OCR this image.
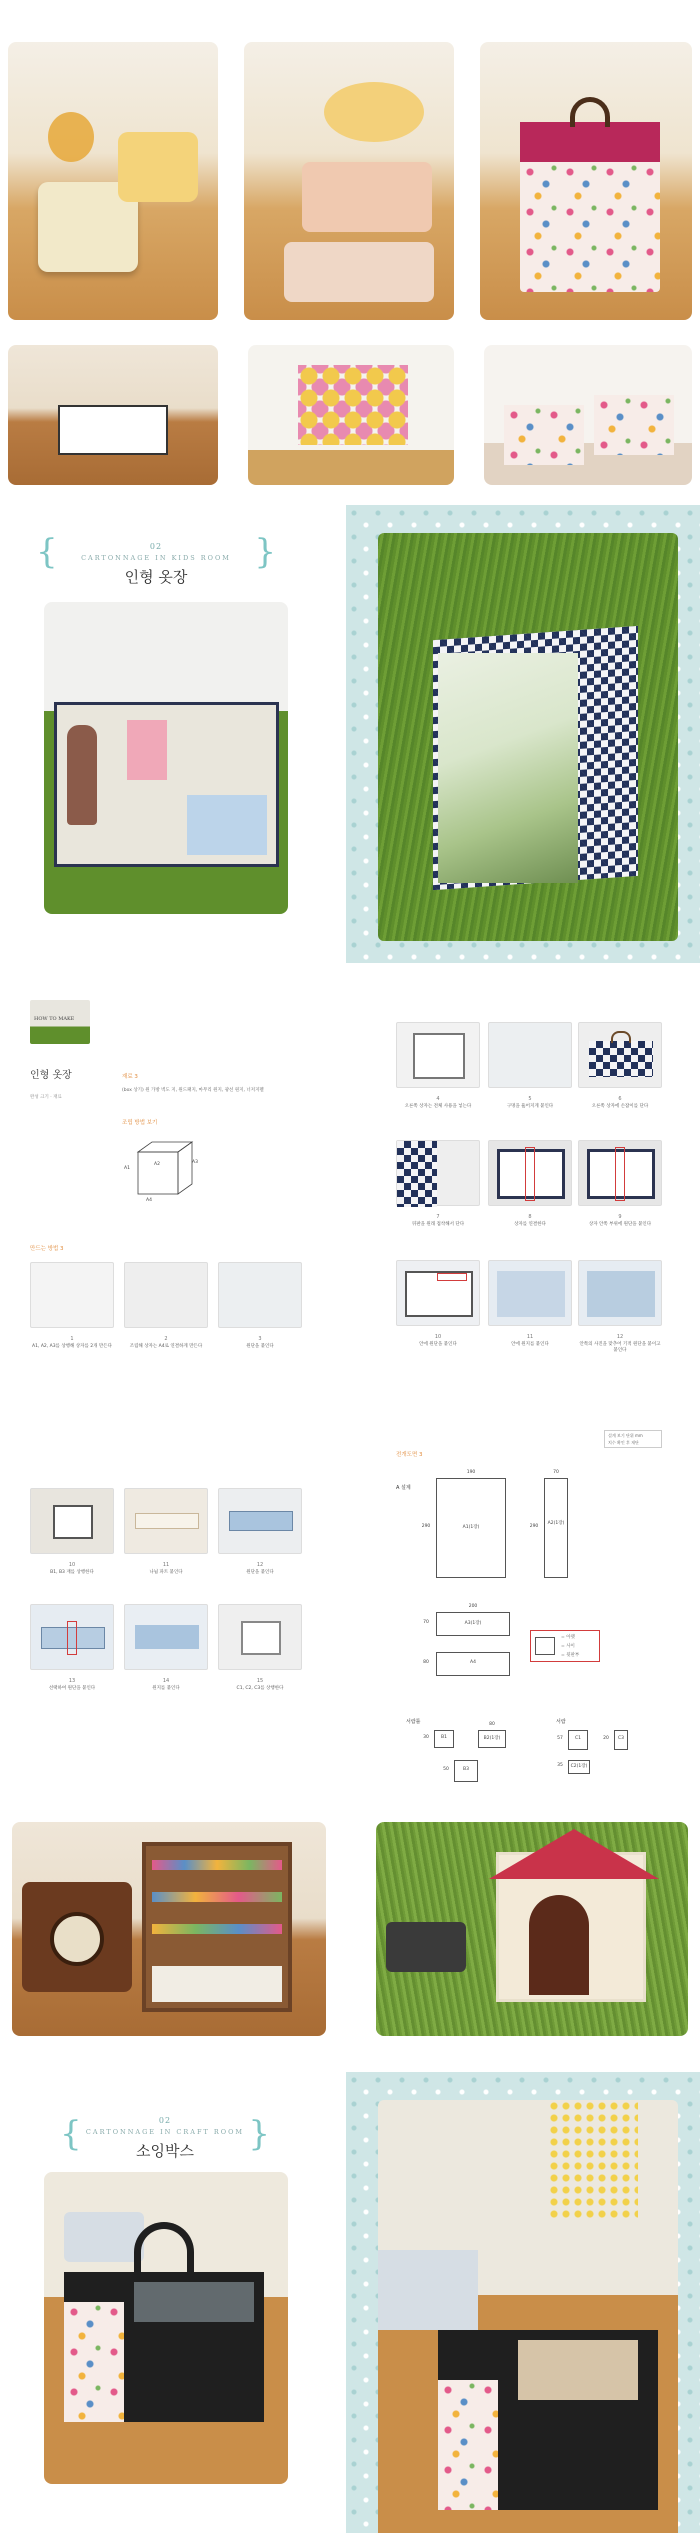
{	}
02
CARTONNAGE IN KIDS ROOM
인형 옷장
HOW TO MAKE
인형 옷장
완성 크기 · 재료
재료 3
(box 상기) 원 가방 벽도 지, 원드패지, 마무리 원지, 광선 원지, 너저지펠
조립 방법 보기
A1
A2	A3
A4
만드는 방법 3
1
A1, A2, A3를 상행해 상자를 2개 만든다
2
조립해 상자는 A4로 연결하게 만든다
3
원단을 붙인다
10
B1, B3 재를 상행한다
11
나뉨 파트 붙인다
12
원단을 붙인다
13
선택하여 원단을 붙인다
14
원지를 붙인다
15
C1, C2, C3를 상행한다
4
오른쪽 상자는 전체 사용을 넣는다
5
구멍을 뚫어지게 붙인다
6
오른쪽 상자에 손잡이를 단다
7
뒤판을 원래 접착해서 단다
8
상자를 연결한다
9
상자 안쪽 부위에 원단을 붙인다
10
안에 원단을 붙인다
11
안에 원지를 붙인다
12
안쪽의 사진을 맞추어 기적 원단을 붙이고 붙인다
전개도면 3
설계 보기 단위 mm
치수 확인 후 재단
A 설계
190
A1(1장)
290
70
A2(1장)
290
200
A3(1장)
70
A4
80
= 아랫
= 사이
= 뒷판부
서랍틀
B1
30	B2(1장)
80
B3
50
서랍
C1
57
C2(1장)
35
C3
20
{	}
02
CARTONNAGE IN CRAFT ROOM
소잉박스
